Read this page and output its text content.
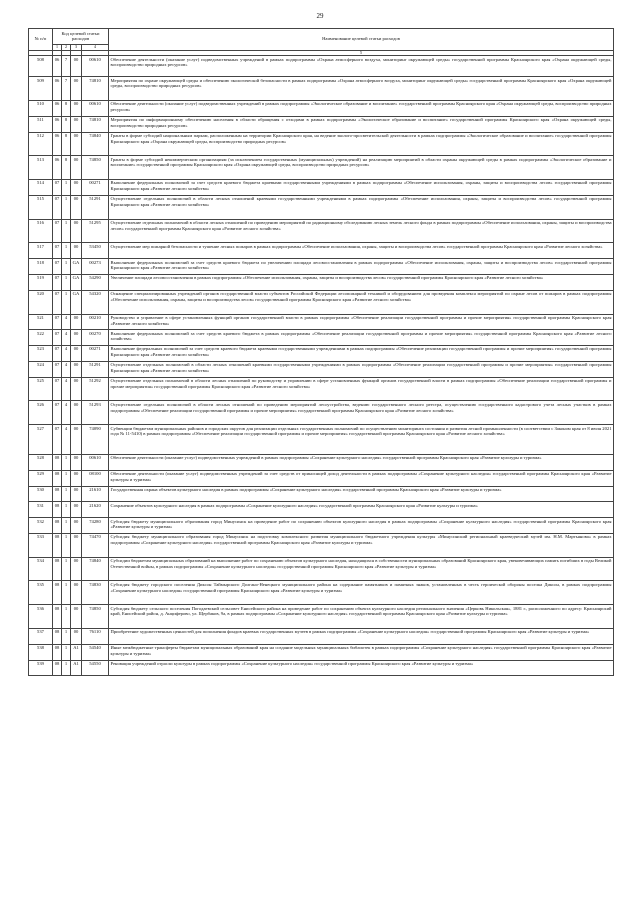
29
№ п/п	Код целевой статьи расходов				Наименование целевой статьи расходов
	1	2	3	4	
					5
508	06	7	00	00610	Обеспечение деятельности (оказание услуг) подведомственных учреждений в рамках подпрограммы «Охрана атмосферного воздуха, мониторинг окружающей среды» государственной программы Красноярского края «Охрана окружающей среды, воспроизводство природных ресурсов»
509	06	7	00	74810	Мероприятия по охране окружающей среды и обеспечению экологической безопасности в рамках подпрограммы «Охрана атмосферного воздуха, мониторинг окружающей среды» государственной программы Красноярского края «Охрана окружающей среды, воспроизводство природных ресурсов»
510	06	8	00	00610	Обеспечение деятельности (оказание услуг) подведомственных учреждений в рамках подпрограммы «Экологическое образование и воспитание» государственной программы Красноярского края «Охрана окружающей среды, воспроизводство природных ресурсов»
511	06	8	00	74810	Мероприятия по информационному обеспечению населения в области обращения с отходами в рамках подпрограммы «Экологическое образование и воспитание» государственной программы Красноярского края «Охрана окружающей среды, воспроизводство природных ресурсов»
512	06	8	00	74840	Гранты в форме субсидий национальным паркам, расположенным на территории Красноярского края, на ведение эколого-просветительской деятельности в рамках подпрограммы «Экологическое образование и воспитание» государственной программы Красноярского края «Охрана окружающей среды, воспроизводство природных ресурсов»
513	06	8	00	74850	Гранты в форме субсидий некоммерческим организациям (за исключением государственных (муниципальных) учреждений) на реализацию мероприятий в области охраны окружающей среды в рамках подпрограммы «Экологическое образование и воспитание» государственной программы Красноярского края «Охрана окружающей среды, воспроизводство природных ресурсов»
514	07	1	00	00271	Выполнение федеральных полномочий за счет средств краевого бюджета краевыми государственными учреждениями в рамках подпрограммы «Обеспечение использования, охраны, защиты и воспроизводства лесов» государственной программы Красноярского края «Развитие лесного хозяйства»
515	07	1	00	51291	Осуществление отдельных полномочий в области лесных отношений краевыми государственными учреждениями в рамках подпрограммы «Обеспечение использования, охраны, защиты и воспроизводства лесов» государственной программы Красноярского края «Развитие лесного хозяйства»
516	07	1	00	51295	Осуществление отдельных полномочий в области лесных отношений по проведению мероприятий по радиационному обследованию лесных земель лесного фонда в рамках подпрограммы «Обеспечение использования, охраны, защиты и воспроизводства лесов» государственной программы Красноярского края «Развитие лесного хозяйства»
517	07	1	00	53450	Осуществление мер пожарной безопасности и тушение лесных пожаров в рамках подпрограммы «Обеспечение использования, охраны, защиты и воспроизводства лесов» государственной программы Красноярского края «Развитие лесного хозяйства»
518	07	1	GA	00273	Выполнение федеральных полномочий за счет средств краевого бюджета по увеличению площади лесовосстановления в рамках подпрограммы «Обеспечение использования, охраны, защиты и воспроизводства лесов» государственной программы Красноярского края «Развитие лесного хозяйства»
519	07	1	GA	54290	Увеличение площади лесовосстановления в рамках подпрограммы «Обеспечение использования, охраны, защиты и воспроизводства лесов» государственной программы Красноярского края «Развитие лесного хозяйства»
520	07	1	GA	54320	Оснащение специализированных учреждений органов государственной власти субъектов Российской Федерации лесопожарной техникой и оборудованием для проведения комплекса мероприятий по охране лесов от пожаров в рамках подпрограммы «Обеспечение использования, охраны, защиты и воспроизводства лесов» государственной программы Красноярского края «Развитие лесного хозяйства»
521	07	4	00	00210	Руководство и управление в сфере установленных функций органов государственной власти в рамках подпрограммы «Обеспечение реализации государственной программы и прочие мероприятия» государственной программы Красноярского края «Развитие лесного хозяйства»
522	07	4	00	00270	Выполнение федеральных полномочий за счет средств краевого бюджета в рамках подпрограммы «Обеспечение реализации государственной программы и прочие мероприятия» государственной программы Красноярского края «Развитие лесного хозяйства»
523	07	4	00	00271	Выполнение федеральных полномочий за счет средств краевого бюджета краевыми государственными учреждениями в рамках подпрограммы «Обеспечение реализации государственной программы и прочие мероприятия» государственной программы Красноярского края «Развитие лесного хозяйства»
524	07	4	00	51291	Осуществление отдельных полномочий в области лесных отношений краевыми государственными учреждениями в рамках подпрограммы «Обеспечение реализации государственной программы и прочие мероприятия» государственной программы Красноярского края «Развитие лесного хозяйства»
525	07	4	00	51292	Осуществление отдельных полномочий в области лесных отношений по руководству и управлению в сфере установленных функций органов государственной власти в рамках подпрограммы «Обеспечение реализации государственной программы и прочие мероприятия» государственной программы Красноярского края «Развитие лесного хозяйства»
526	07	4	00	51293	Осуществление отдельных полномочий в области лесных отношений по проведению мероприятий лесоустройства, ведению государственного лесного реестра, осуществлению государственного кадастрового учета лесных участков в рамках подпрограммы «Обеспечение реализации государственной программы и прочие мероприятия» государственной программы Красноярского края «Развитие лесного хозяйства»
527	07	4	00	74090	Субвенции бюджетам муниципальных районов и городских округов для реализации отдельных государственных полномочий по осуществлению мониторинга состояния и развития лесной промышленности (в соответствии с Законом края от 8 июля 2021 года № 11-5410) в рамках подпрограммы «Обеспечение реализации государственной программы и прочие мероприятия» государственной программы Красноярского края «Развитие лесного хозяйства»
528	08	1	00	00610	Обеспечение деятельности (оказание услуг) подведомственных учреждений в рамках подпрограммы «Сохранение культурного наследия» государственной программы Красноярского края «Развитие культуры и туризма»
529	08	1	00	08100	Обеспечение деятельности (оказание услуг) подведомственных учреждений за счет средств от приносящей доход деятельности в рамках подпрограммы «Сохранение культурного наследия» государственной программы Красноярского края «Развитие культуры и туризма»
530	08	1	00	21610	Государственная охрана объектов культурного наследия в рамках подпрограммы «Сохранение культурного наследия» государственной программы Красноярского края «Развитие культуры и туризма»
531	08	1	00	21620	Сохранение объектов культурного наследия в рамках подпрограммы «Сохранение культурного наследия» государственной программы Красноярского края «Развитие культуры и туризма»
532	08	1	00	74280	Субсидия бюджету муниципального образования город Минусинск на проведение работ по сохранению объектов культурного наследия в рамках подпрограммы «Сохранение культурного наследия» государственной программы Красноярского края «Развитие культуры и туризма»
533	08	1	00	74470	Субсидия бюджету муниципального образования город Минусинск на подготовку комплексного развития муниципального бюджетного учреждения культуры «Минусинский региональный краеведческий музей им. Н.М. Мартьянова» в рамках подпрограммы «Сохранение культурного наследия» государственной программы Красноярского края «Развитие культуры и туризма»
534	08	1	00	74840	Субсидии бюджетам муниципальных образований на выполнение работ по сохранению объектов культурного наследия, находящихся в собственности муниципальных образований Красноярского края, увековечивающих память погибших в годы Великой Отечественной войны, в рамках подпрограммы «Сохранение культурного наследия» государственной программы Красноярского края «Развитие культуры и туризма»
535	08	1	00	74830	Субсидия бюджету городского поселения Диксон Таймырского Долгано-Ненецкого муниципального района на содержание памятников и памятных знаков, установленных в честь героической обороны поселка Диксон, в рамках подпрограммы «Сохранение культурного наследия» государственной программы Красноярского края «Развитие культуры и туризма»
536	08	1	00	74850	Субсидия бюджету сельского поселения Погодаевский сельсовет Енисейского района на проведение работ по сохранению объекта культурного наследия регионального значения «Церковь Никольская», 1881 г., расположенного по адресу: Красноярский край, Енисейский район, д. Анциферово, ул. Щербаков, 9а, в рамках подпрограммы «Сохранение культурного наследия» государственной программы Красноярского края «Развитие культуры и туризма»
537	08	1	00	76110	Приобретение художественных ценностей для пополнения фондов краевых государственных музеев в рамках подпрограммы «Сохранение культурного наследия» государственной программы Красноярского края «Развитие культуры и туризма»
538	08	1	A1	54540	Иные межбюджетные трансферты бюджетам муниципальных образований края на создание модельных муниципальных библиотек в рамках подпрограммы «Сохранение культурного наследия» государственной программы Красноярского края «Развитие культуры и туризма»
539	08	1	A1	54550	Реновация учреждений отрасли культуры в рамках подпрограммы «Сохранение культурного наследия» государственной программы Красноярского края «Развитие культуры и туризма»
